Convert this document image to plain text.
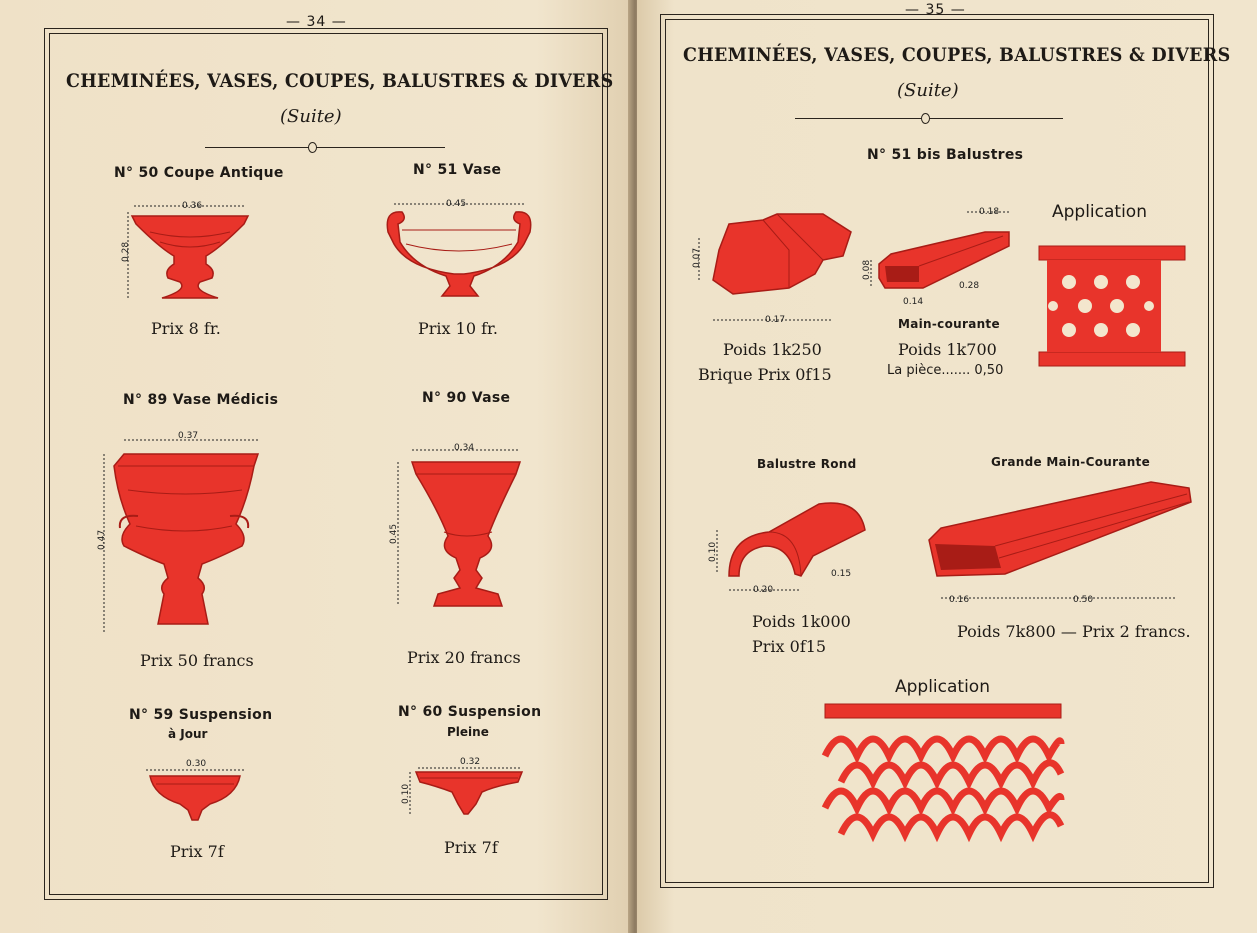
— 34 —
CHEMINÉES, VASES, COUPES, BALUSTRES & DIVERS
(Suite)
N° 50 Coupe Antique
0.36
0.28
Prix 8 fr.
N° 51 Vase
0.45
Prix 10 fr.
N° 89 Vase Médicis
0.37
0.47
Prix 50 francs
N° 90 Vase
0.34
0.45
Prix 20 francs
N° 59 Suspension
à Jour
0.30
Prix 7f
N° 60 Suspension
Pleine
0.32
0.10
Prix 7f
— 35 —
CHEMINÉES, VASES, COUPES, BALUSTRES & DIVERS
(Suite)
N° 51 bis Balustres
0.07
0.17
Poids 1k250
Brique Prix 0f15
0.18
0.08
0.14
0.28
Main-courante
Poids 1k700
La pièce....... 0,50
Application
Balustre Rond
0.10
0.20
0.15
Poids 1k000
Prix 0f15
Grande Main-Courante
0.16	0.50
Poids 7k800 — Prix 2 francs.
Application
